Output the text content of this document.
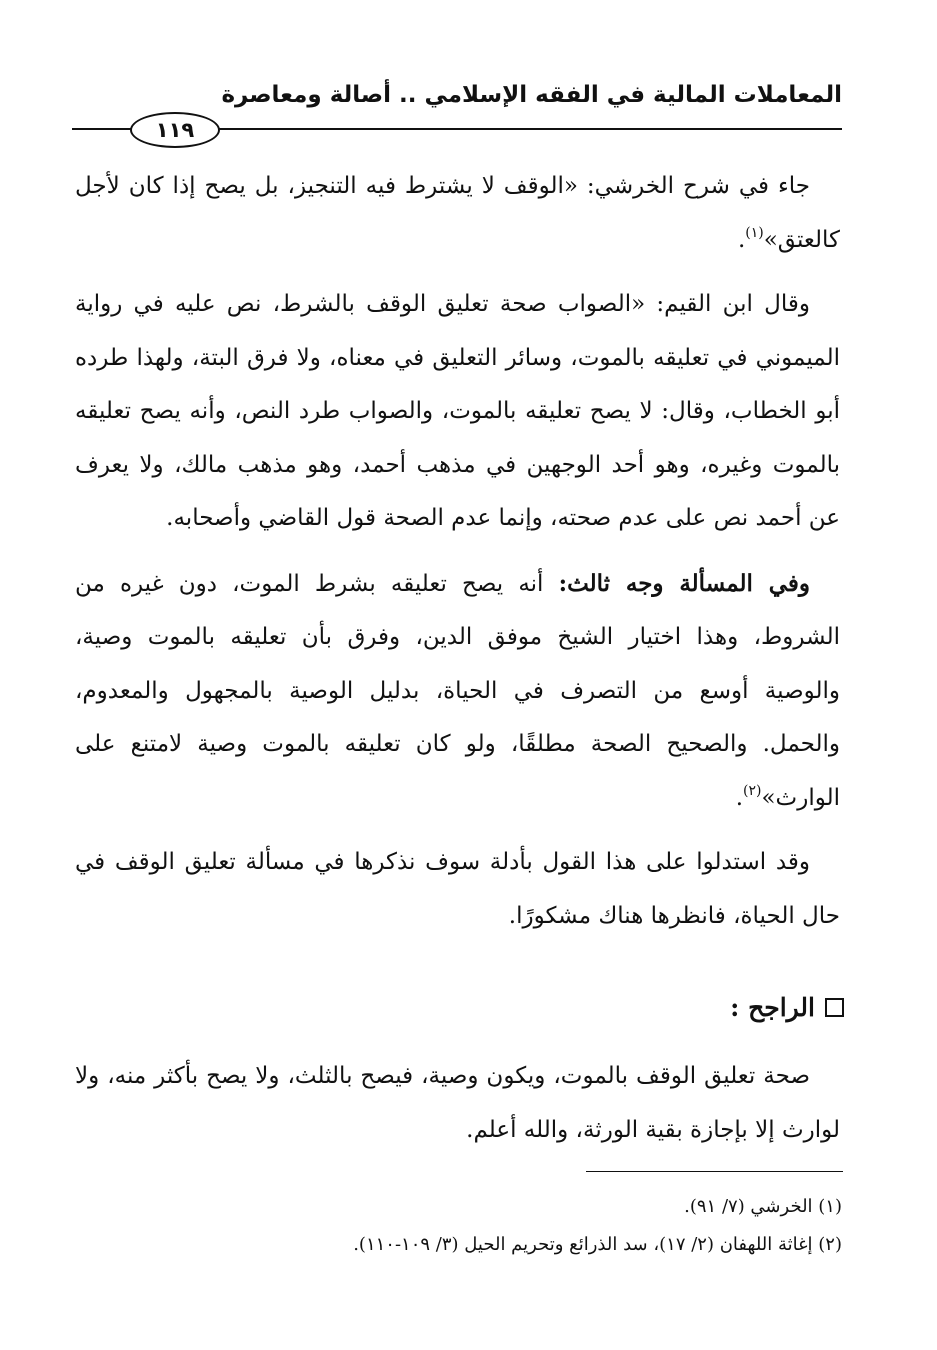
المعاملات المالية في الفقه الإسلامي .. أصالة ومعاصرة
١١٩

جاء في شرح الخرشي: «الوقف لا يشترط فيه التنجيز، بل يصح إذا كان لأجل كالعتق»$^{(١)}$.

وقال ابن القيم: «الصواب صحة تعليق الوقف بالشرط، نص عليه في رواية الميموني في تعليقه بالموت، وسائر التعليق في معناه، ولا فرق البتة، ولهذا طرده أبو الخطاب، وقال: لا يصح تعليقه بالموت، والصواب طرد النص، وأنه يصح تعليقه بالموت وغيره، وهو أحد الوجهين في مذهب أحمد، وهو مذهب مالك، ولا يعرف عن أحمد نص على عدم صحته، وإنما عدم الصحة قول القاضي وأصحابه.

وفي المسألة وجه ثالث: أنه يصح تعليقه بشرط الموت، دون غيره من الشروط، وهذا اختيار الشيخ موفق الدين، وفرق بأن تعليقه بالموت وصية، والوصية أوسع من التصرف في الحياة، بدليل الوصية بالمجهول والمعدوم، والحمل. والصحيح الصحة مطلقًا، ولو كان تعليقه بالموت وصية لامتنع على الوارث»$^{(٢)}$.

وقد استدلوا على هذا القول بأدلة سوف نذكرها في مسألة تعليق الوقف في حال الحياة، فانظرها هناك مشكورًا.

الراجح :

صحة تعليق الوقف بالموت، ويكون وصية، فيصح بالثلث، ولا يصح بأكثر منه، ولا لوارث إلا بإجازة بقية الورثة، والله أعلم.

(١) الخرشي (٧/ ٩١).
(٢) إغاثة اللهفان (٢/ ١٧)، سد الذرائع وتحريم الحيل (٣/ ١٠٩-١١٠).
